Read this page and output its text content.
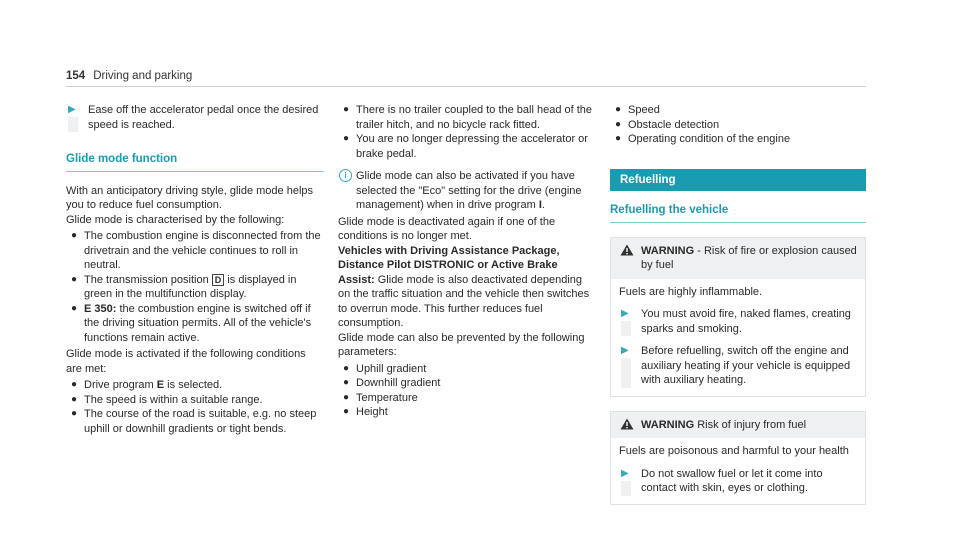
154 Driving and parking
▶ Ease off the accelerator pedal once the desired speed is reached.

Glide mode function

With an anticipatory driving style, glide mode helps you to reduce fuel consumption.

Glide mode is characterised by the following:

● The combustion engine is disconnected from the drivetrain and the vehicle continues to roll in neutral.
● The transmission position D is displayed in green in the multifunction display.
● E 350: the combustion engine is switched off if the driving situation permits. All of the vehicle's functions remain active.

Glide mode is activated if the following conditions are met:

● Drive program E is selected.
● The speed is within a suitable range.
● The course of the road is suitable, e.g. no steep uphill or downhill gradients or tight bends.
● There is no trailer coupled to the ball head of the trailer hitch, and no bicycle rack fitted.
● You are no longer depressing the accelerator or brake pedal.
i Glide mode can also be activated if you have selected the "Eco" setting for the drive (engine management) when in drive program I.

Glide mode is deactivated again if one of the conditions is no longer met.

Vehicles with Driving Assistance Package, Distance Pilot DISTRONIC or Active Brake Assist: Glide mode is also deactivated depending on the traffic situation and the vehicle then switches to overrun mode. This further reduces fuel consumption.

Glide mode can also be prevented by the following parameters:

● Uphill gradient
● Downhill gradient
● Temperature
● Height
● Speed
● Obstacle detection
● Operating condition of the engine
Refuelling
Refuelling the vehicle
WARNING - Risk of fire or explosion caused by fuel

Fuels are highly inflammable.

▶ You must avoid fire, naked flames, creating sparks and smoking.

▶ Before refuelling, switch off the engine and auxiliary heating if your vehicle is equipped with auxiliary heating.

WARNING Risk of injury from fuel

Fuels are poisonous and harmful to your health

▶ Do not swallow fuel or let it come into contact with skin, eyes or clothing.
